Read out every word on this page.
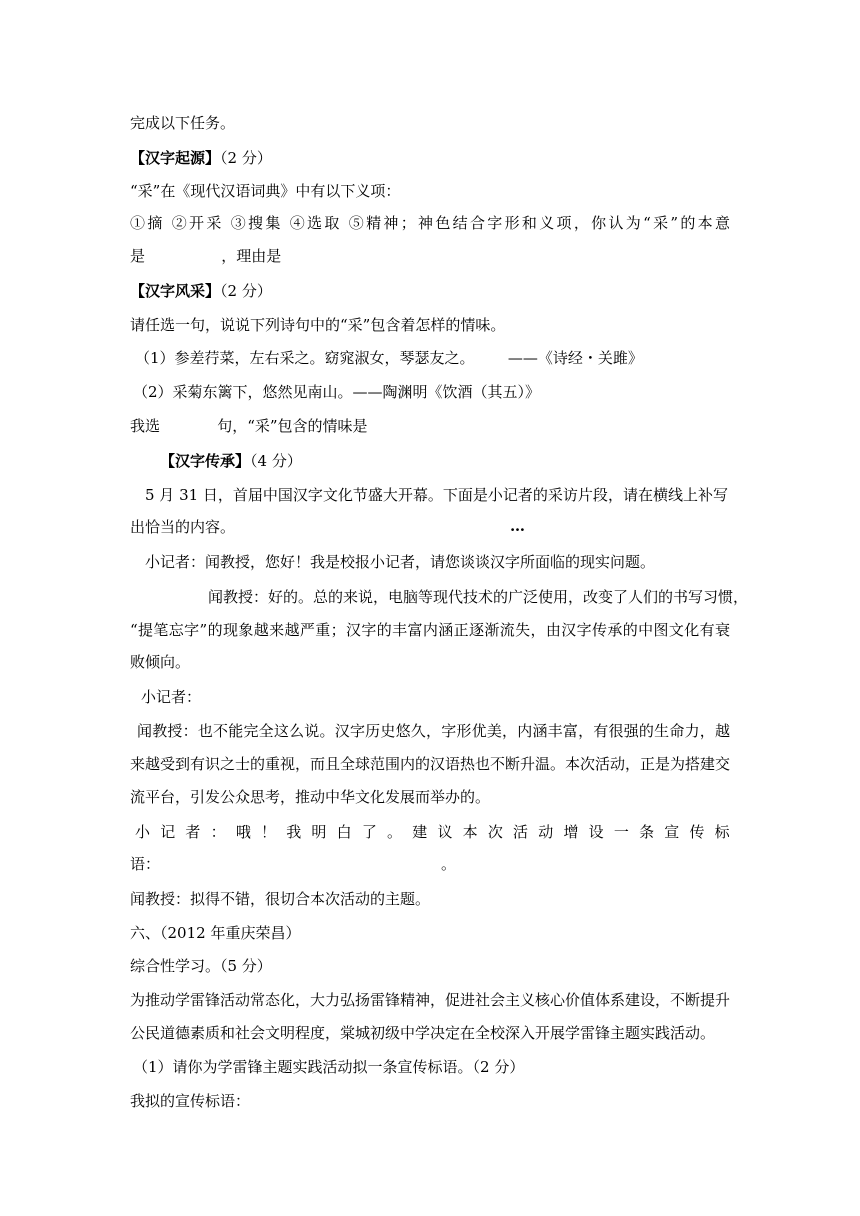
完成以下任务。
【汉字起源】（2 分）
“采”在《现代汉语词典》中有以下义项：
①摘 ②开采 ③搜集 ④选取 ⑤精神；神色结合字形和义项，你认为“采”的本意
是                ，理由是
【汉字风采】（2 分）
请任选一句，说说下列诗句中的“采”包含着怎样的情味。
（1）参差荇菜，左右采之。窈窕淑女，琴瑟友之。       ——《诗经・关雎》
（2）采菊东篱下，悠然见南山。——陶渊明《饮酒（其五）》
我选            句，“采”包含的情味是
【汉字传承】（4 分）
5 月 31 日，首届中国汉字文化节盛大开幕。下面是小记者的采访片段，请在横线上补写
出恰当的内容。	…
小记者：闻教授，您好！我是校报小记者，请您谈谈汉字所面临的现实问题。
闻教授：好的。总的来说，电脑等现代技术的广泛使用，改变了人们的书写习惯，
“提笔忘字”的现象越来越严重；汉字的丰富内涵正逐渐流失，由汉字传承的中图文化有衰
败倾向。
小记者：
闻教授：也不能完全这么说。汉字历史悠久，字形优美，内涵丰富，有很强的生命力，越
来越受到有识之士的重视，而且全球范围内的汉语热也不断升温。本次活动，正是为搭建交
流平台，引发公众思考，推动中华文化发展而举办的。
小 记 者 ： 哦 ！ 我 明 白 了 。 建 议 本 次 活 动 增 设 一 条 宣 传 标
语：	。
闻教授：拟得不错，很切合本次活动的主题。
六、（2012 年重庆荣昌）
综合性学习。（5 分）
为推动学雷锋活动常态化，大力弘扬雷锋精神，促进社会主义核心价值体系建设，不断提升
公民道德素质和社会文明程度，棠城初级中学决定在全校深入开展学雷锋主题实践活动。
（1）请你为学雷锋主题实践活动拟一条宣传标语。（2 分）
我拟的宣传标语：
